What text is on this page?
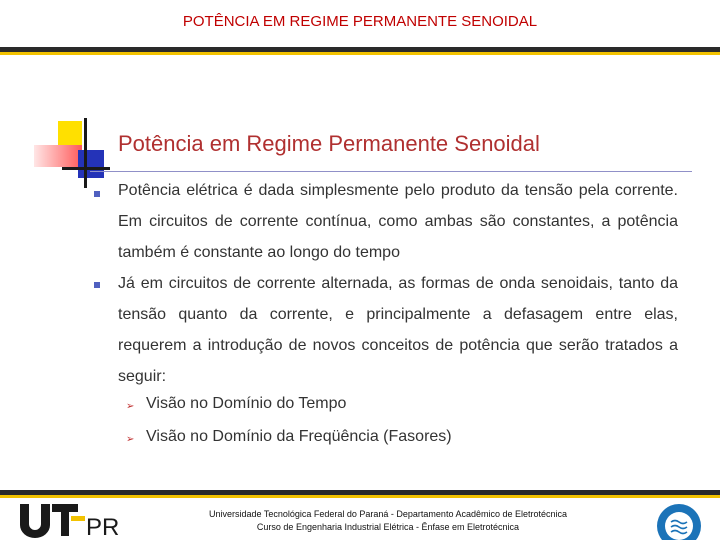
POTÊNCIA EM REGIME PERMANENTE SENOIDAL
Potência em Regime Permanente Senoidal
Potência elétrica é dada simplesmente pelo produto da tensão pela corrente. Em circuitos de corrente contínua, como ambas são constantes, a potência também é constante ao longo do tempo
Já em circuitos de corrente alternada, as formas de onda senoidais, tanto da tensão quanto da corrente, e principalmente a defasagem entre elas, requerem a introdução de novos conceitos de potência que serão tratados a seguir:
➢ Visão no Domínio do Tempo
➢ Visão no Domínio da Freqüência (Fasores)
PR	Universidade Tecnológica Federal do Paraná - Departamento Acadêmico de Eletrotécnica
Curso de Engenharia Industrial Elétrica - Ênfase em Eletrotécnica
